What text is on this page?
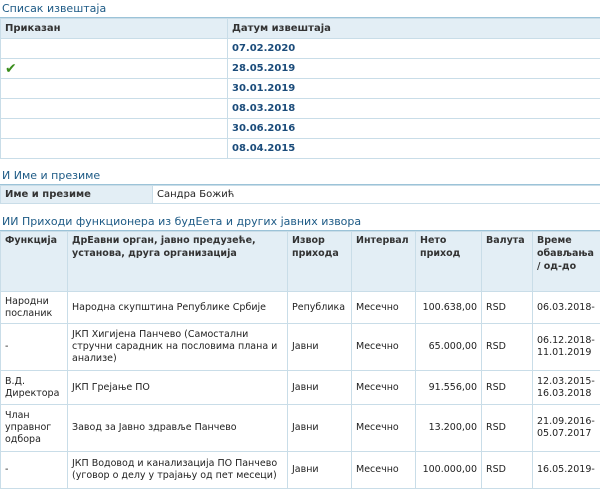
Списак извештаја
Приказан	Датум извештаја
	07.02.2020
✔	28.05.2019
	30.01.2019
	08.03.2018
	30.06.2016
	08.04.2015
И Име и презиме
Име и презиме	Сандра Божић
ИИ Приходи функционера из будЕета и других јавних извора
Функција	ДрЕавни орган, јавно предузеће, установа, друга организација	Извор прихода	Интервал	Нето приход	Валута	Време обављања / од-до
Народни посланик	Народна скупштина Републике Србије	Република	Месечно	100.638,00	RSD	06.03.2018-
-	ЈКП Хигијена Панчево (Самостални стручни сарадник на пословима плана и анализе)	Јавни	Месечно	65.000,00	RSD	06.12.2018-11.01.2019
В.Д. Директора	ЈКП Грејање ПО	Јавни	Месечно	91.556,00	RSD	12.03.2015-16.03.2018
Члан управног одбора	Завод за Јавно здравље Панчево	Јавни	Месечно	13.200,00	RSD	21.09.2016-05.07.2017
-	ЈКП Водовод и канализација ПО Панчево (уговор о делу у трајању од пет месеци)	Јавни	Месечно	100.000,00	RSD	16.05.2019-
